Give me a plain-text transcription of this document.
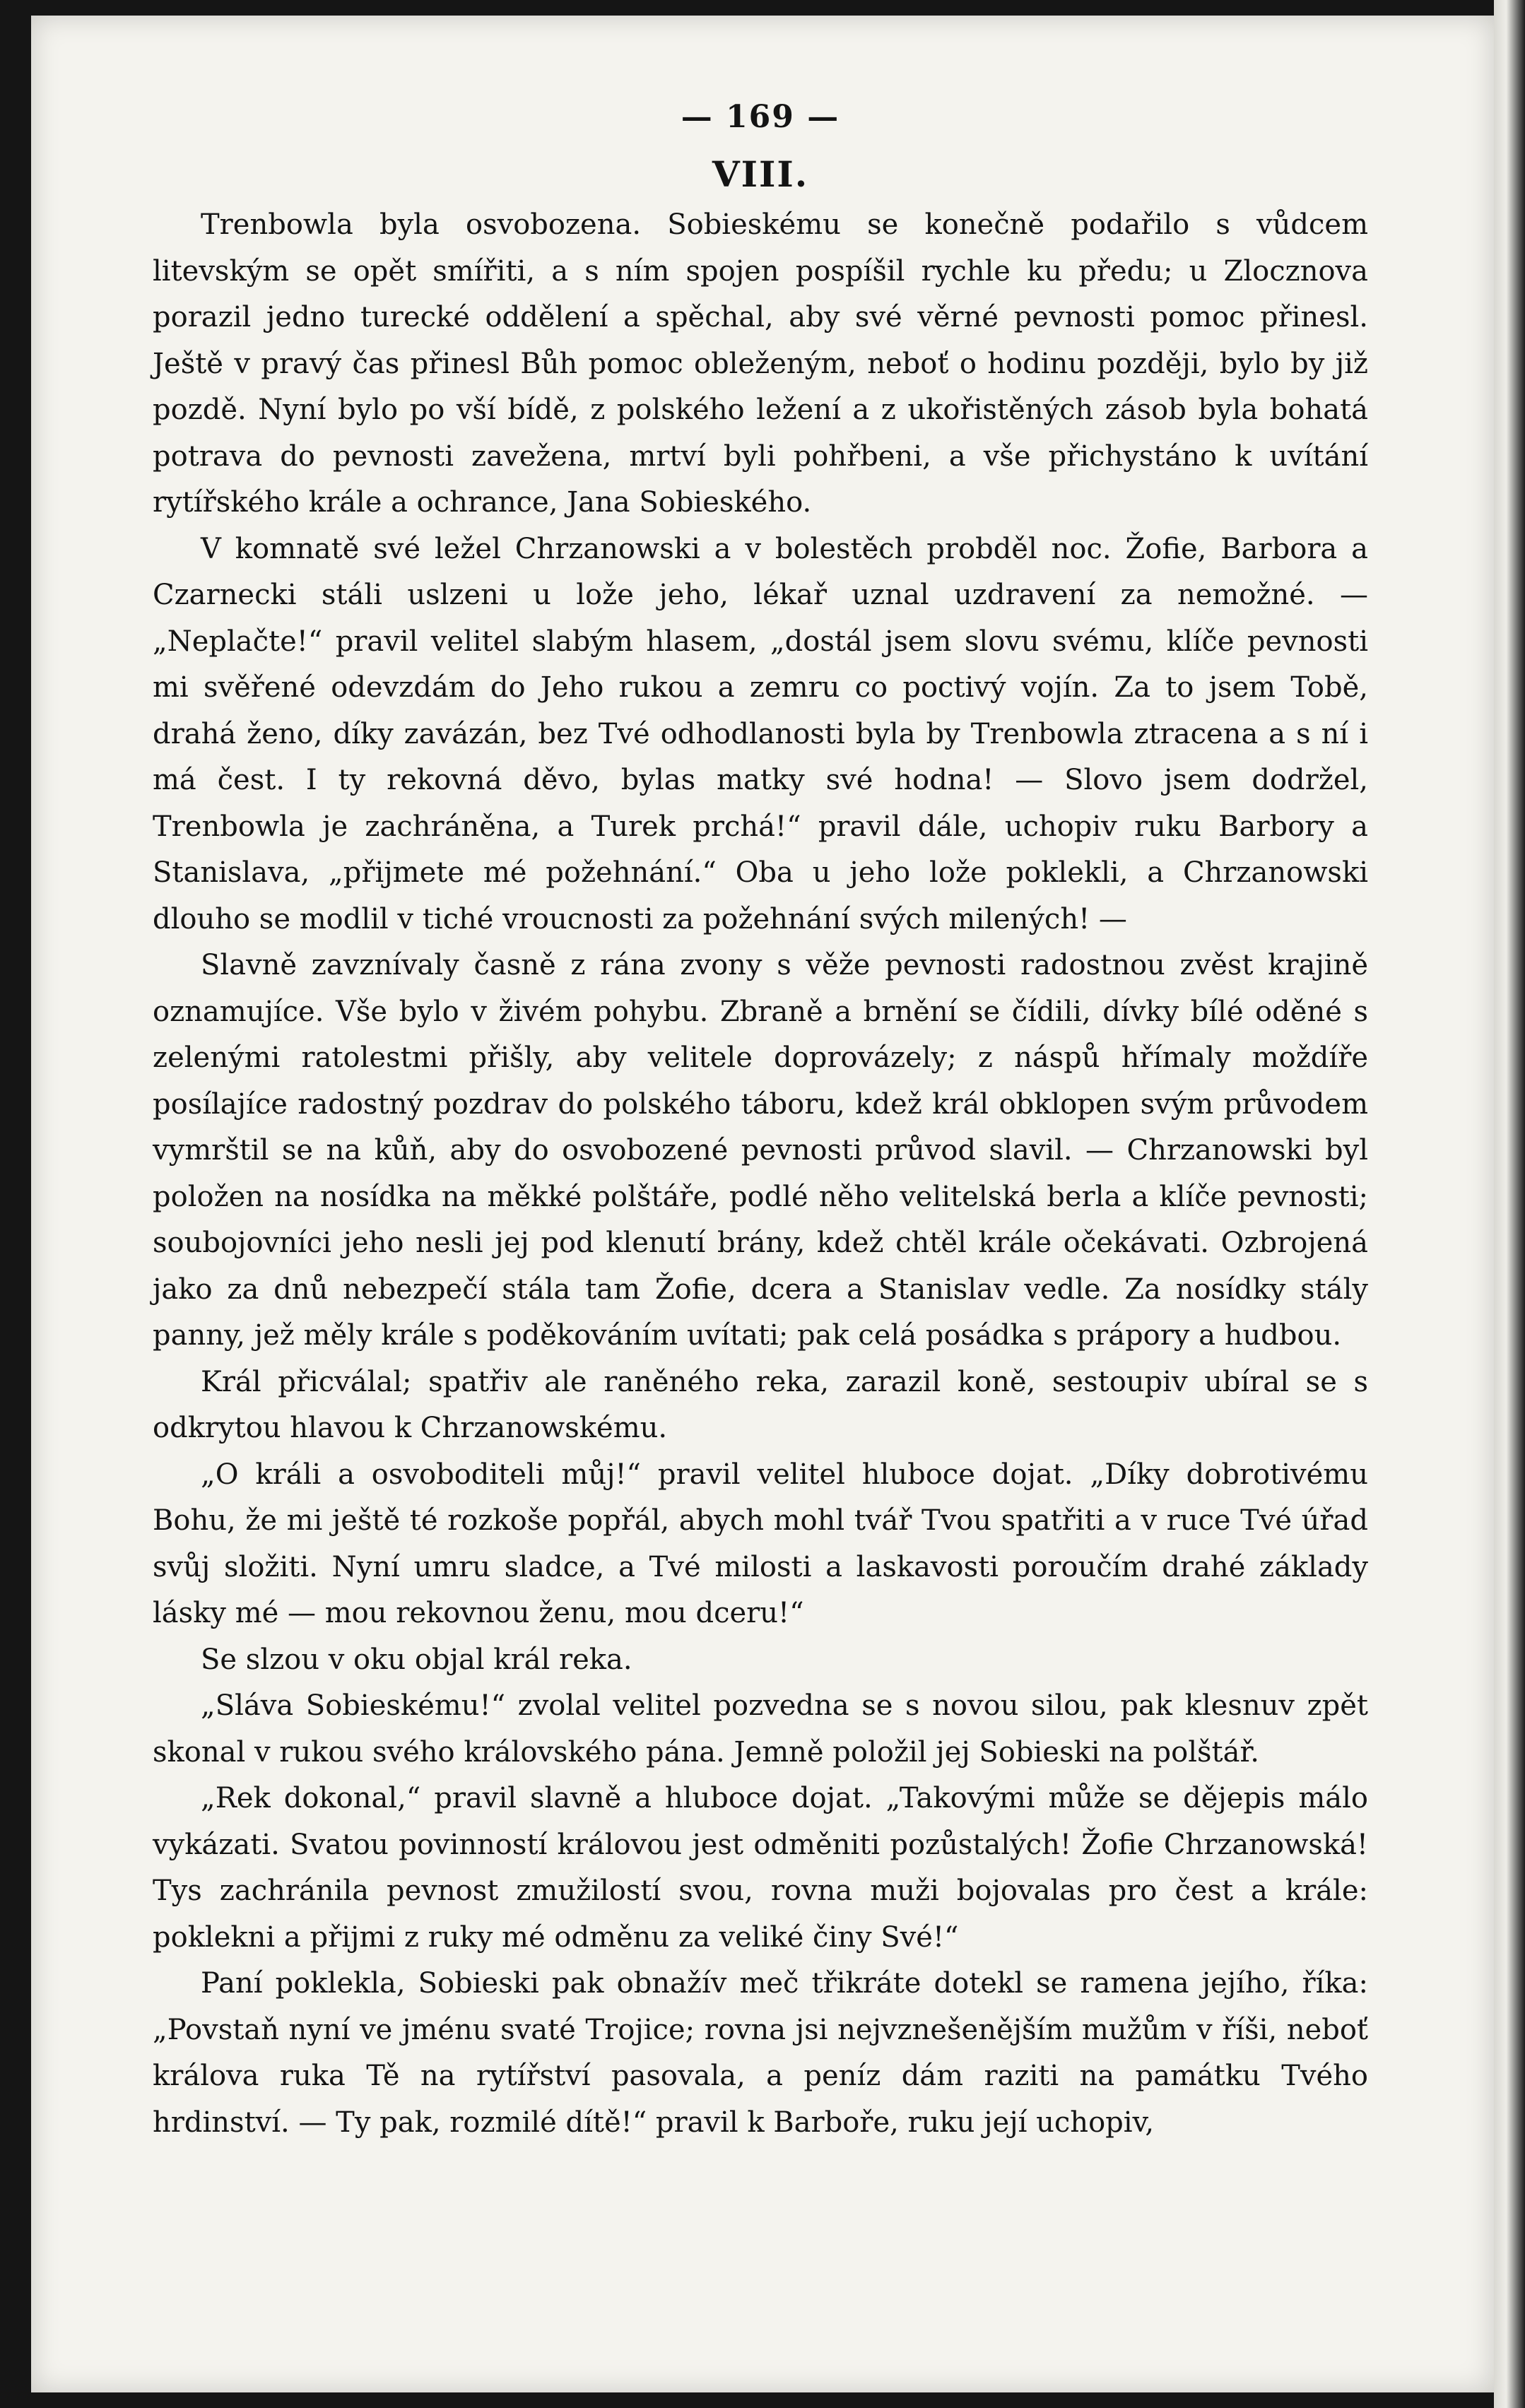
— 169 —
VIII.

Trenbowla byla osvobozena. Sobieskému se konečně podařilo s vůdcem litevským se opět smířiti, a s ním spojen pospíšil rychle ku předu; u Zlocznova porazil jedno turecké oddělení a spěchal, aby své věrné pevnosti pomoc přinesl. Ještě v pravý čas přinesl Bůh pomoc obleženým, neboť o hodinu později, bylo by již pozdě. Nyní bylo po vší bídě, z polského ležení a z ukořistěných zásob byla bohatá potrava do pevnosti zavežena, mrtví byli pohřbeni, a vše přichystáno k uvítání rytířského krále a ochrance, Jana Sobieského.

V komnatě své ležel Chrzanowski a v bolestěch probděl noc. Žofie, Barbora a Czarnecki stáli uslzeni u lože jeho, lékař uznal uzdravení za nemožné. — „Neplačte!“ pravil velitel slabým hlasem, „dostál jsem slovu svému, klíče pevnosti mi svěřené odevzdám do Jeho rukou a zemru co poctivý vojín. Za to jsem Tobě, drahá ženo, díky zavázán, bez Tvé odhodlanosti byla by Trenbowla ztracena a s ní i má čest. I ty rekovná děvo, bylas matky své hodna! — Slovo jsem dodržel, Trenbowla je zachráněna, a Turek prchá!“ pravil dále, uchopiv ruku Barbory a Stanislava, „přijmete mé požehnání.“ Oba u jeho lože poklekli, a Chrzanowski dlouho se modlil v tiché vroucnosti za požehnání svých milených! —

Slavně zavznívaly časně z rána zvony s věže pevnosti radostnou zvěst krajině oznamujíce. Vše bylo v živém pohybu. Zbraně a brnění se čídili, dívky bílé oděné s zelenými ratolestmi přišly, aby velitele doprovázely; z náspů hřímaly moždíře posílajíce radostný pozdrav do polského táboru, kdež král obklopen svým průvodem vymrštil se na kůň, aby do osvobozené pevnosti průvod slavil. — Chrzanowski byl položen na nosídka na měkké polštáře, podlé něho velitelská berla a klíče pevnosti; soubojovníci jeho nesli jej pod klenutí brány, kdež chtěl krále očekávati. Ozbrojená jako za dnů nebezpečí stála tam Žofie, dcera a Stanislav vedle. Za nosídky stály panny, jež měly krále s poděkováním uvítati; pak celá posádka s prápory a hudbou.

Král přicválal; spatřiv ale raněného reka, zarazil koně, sestoupiv ubíral se s odkrytou hlavou k Chrzanowskému.

„O králi a osvoboditeli můj!“ pravil velitel hluboce dojat. „Díky dobrotivému Bohu, že mi ještě té rozkoše popřál, abych mohl tvář Tvou spatřiti a v ruce Tvé úřad svůj složiti. Nyní umru sladce, a Tvé milosti a laskavosti poroučím drahé základy lásky mé — mou rekovnou ženu, mou dceru!“

Se slzou v oku objal král reka.

„Sláva Sobieskému!“ zvolal velitel pozvedna se s novou silou, pak klesnuv zpět skonal v rukou svého královského pána. Jemně položil jej Sobieski na polštář.

„Rek dokonal,“ pravil slavně a hluboce dojat. „Takovými může se dějepis málo vykázati. Svatou povinností královou jest odměniti pozůstalých! Žofie Chrzanowská! Tys zachránila pevnost zmužilostí svou, rovna muži bojovalas pro čest a krále: poklekni a přijmi z ruky mé odměnu za veliké činy Své!“

Paní poklekla, Sobieski pak obnažív meč třikráte dotekl se ramena jejího, říka: „Povstaň nyní ve jménu svaté Trojice; rovna jsi nejvznešenějším mužům v říši, neboť králova ruka Tě na rytířství pasovala, a peníz dám raziti na památku Tvého hrdinství. — Ty pak, rozmilé dítě!“ pravil k Barboře, ruku její uchopiv,
